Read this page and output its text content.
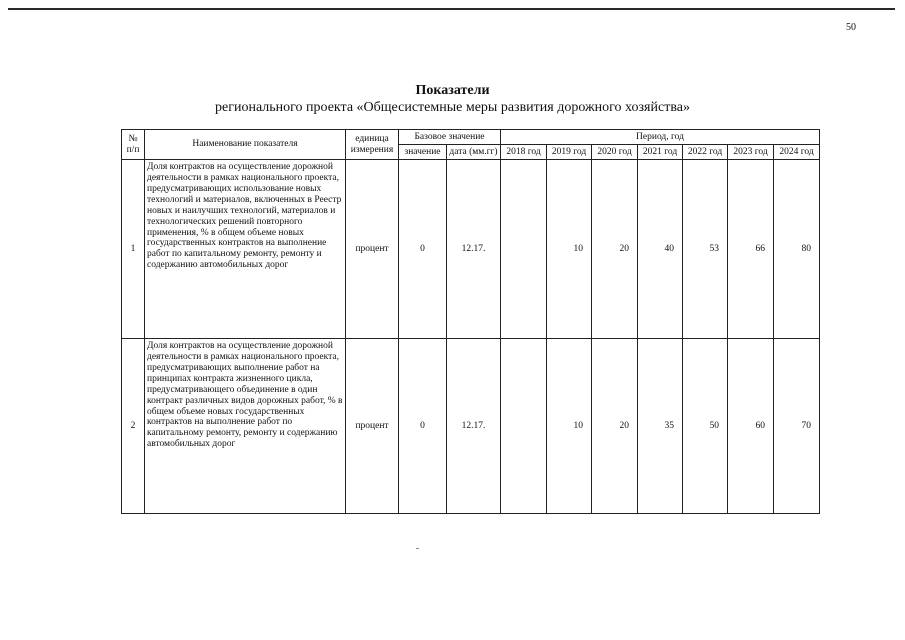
50
Показатели
регионального проекта «Общесистемные меры развития дорожного хозяйства»
№ п/п	Наименование показателя	единица измерения	Базовое значение		Период, год						
			значение	дата (мм.гг)	2018 год	2019 год	2020 год	2021 год	2022 год	2023 год	2024 год
1	Доля контрактов на осуществление дорожной деятельности в рамках национального проекта, предусматривающих использование новых технологий и материалов, включенных в Реестр новых и наилучших технологий, материалов и технологических решений повторного применения, % в общем объеме новых государственных контрактов на выполнение работ по капитальному ремонту, ремонту и содержанию автомобильных дорог	процент	0	12.17.		10	20	40	53	66	80
2	Доля контрактов на осуществление дорожной деятельности в рамках национального проекта, предусматривающих выполнение работ на принципах контракта жизненного цикла, предусматривающего объединение в один контракт различных видов дорожных работ, % в общем объеме новых государственных контрактов на выполнение работ по капитальному ремонту, ремонту и содержанию автомобильных дорог	процент	0	12.17.		10	20	35	50	60	70
